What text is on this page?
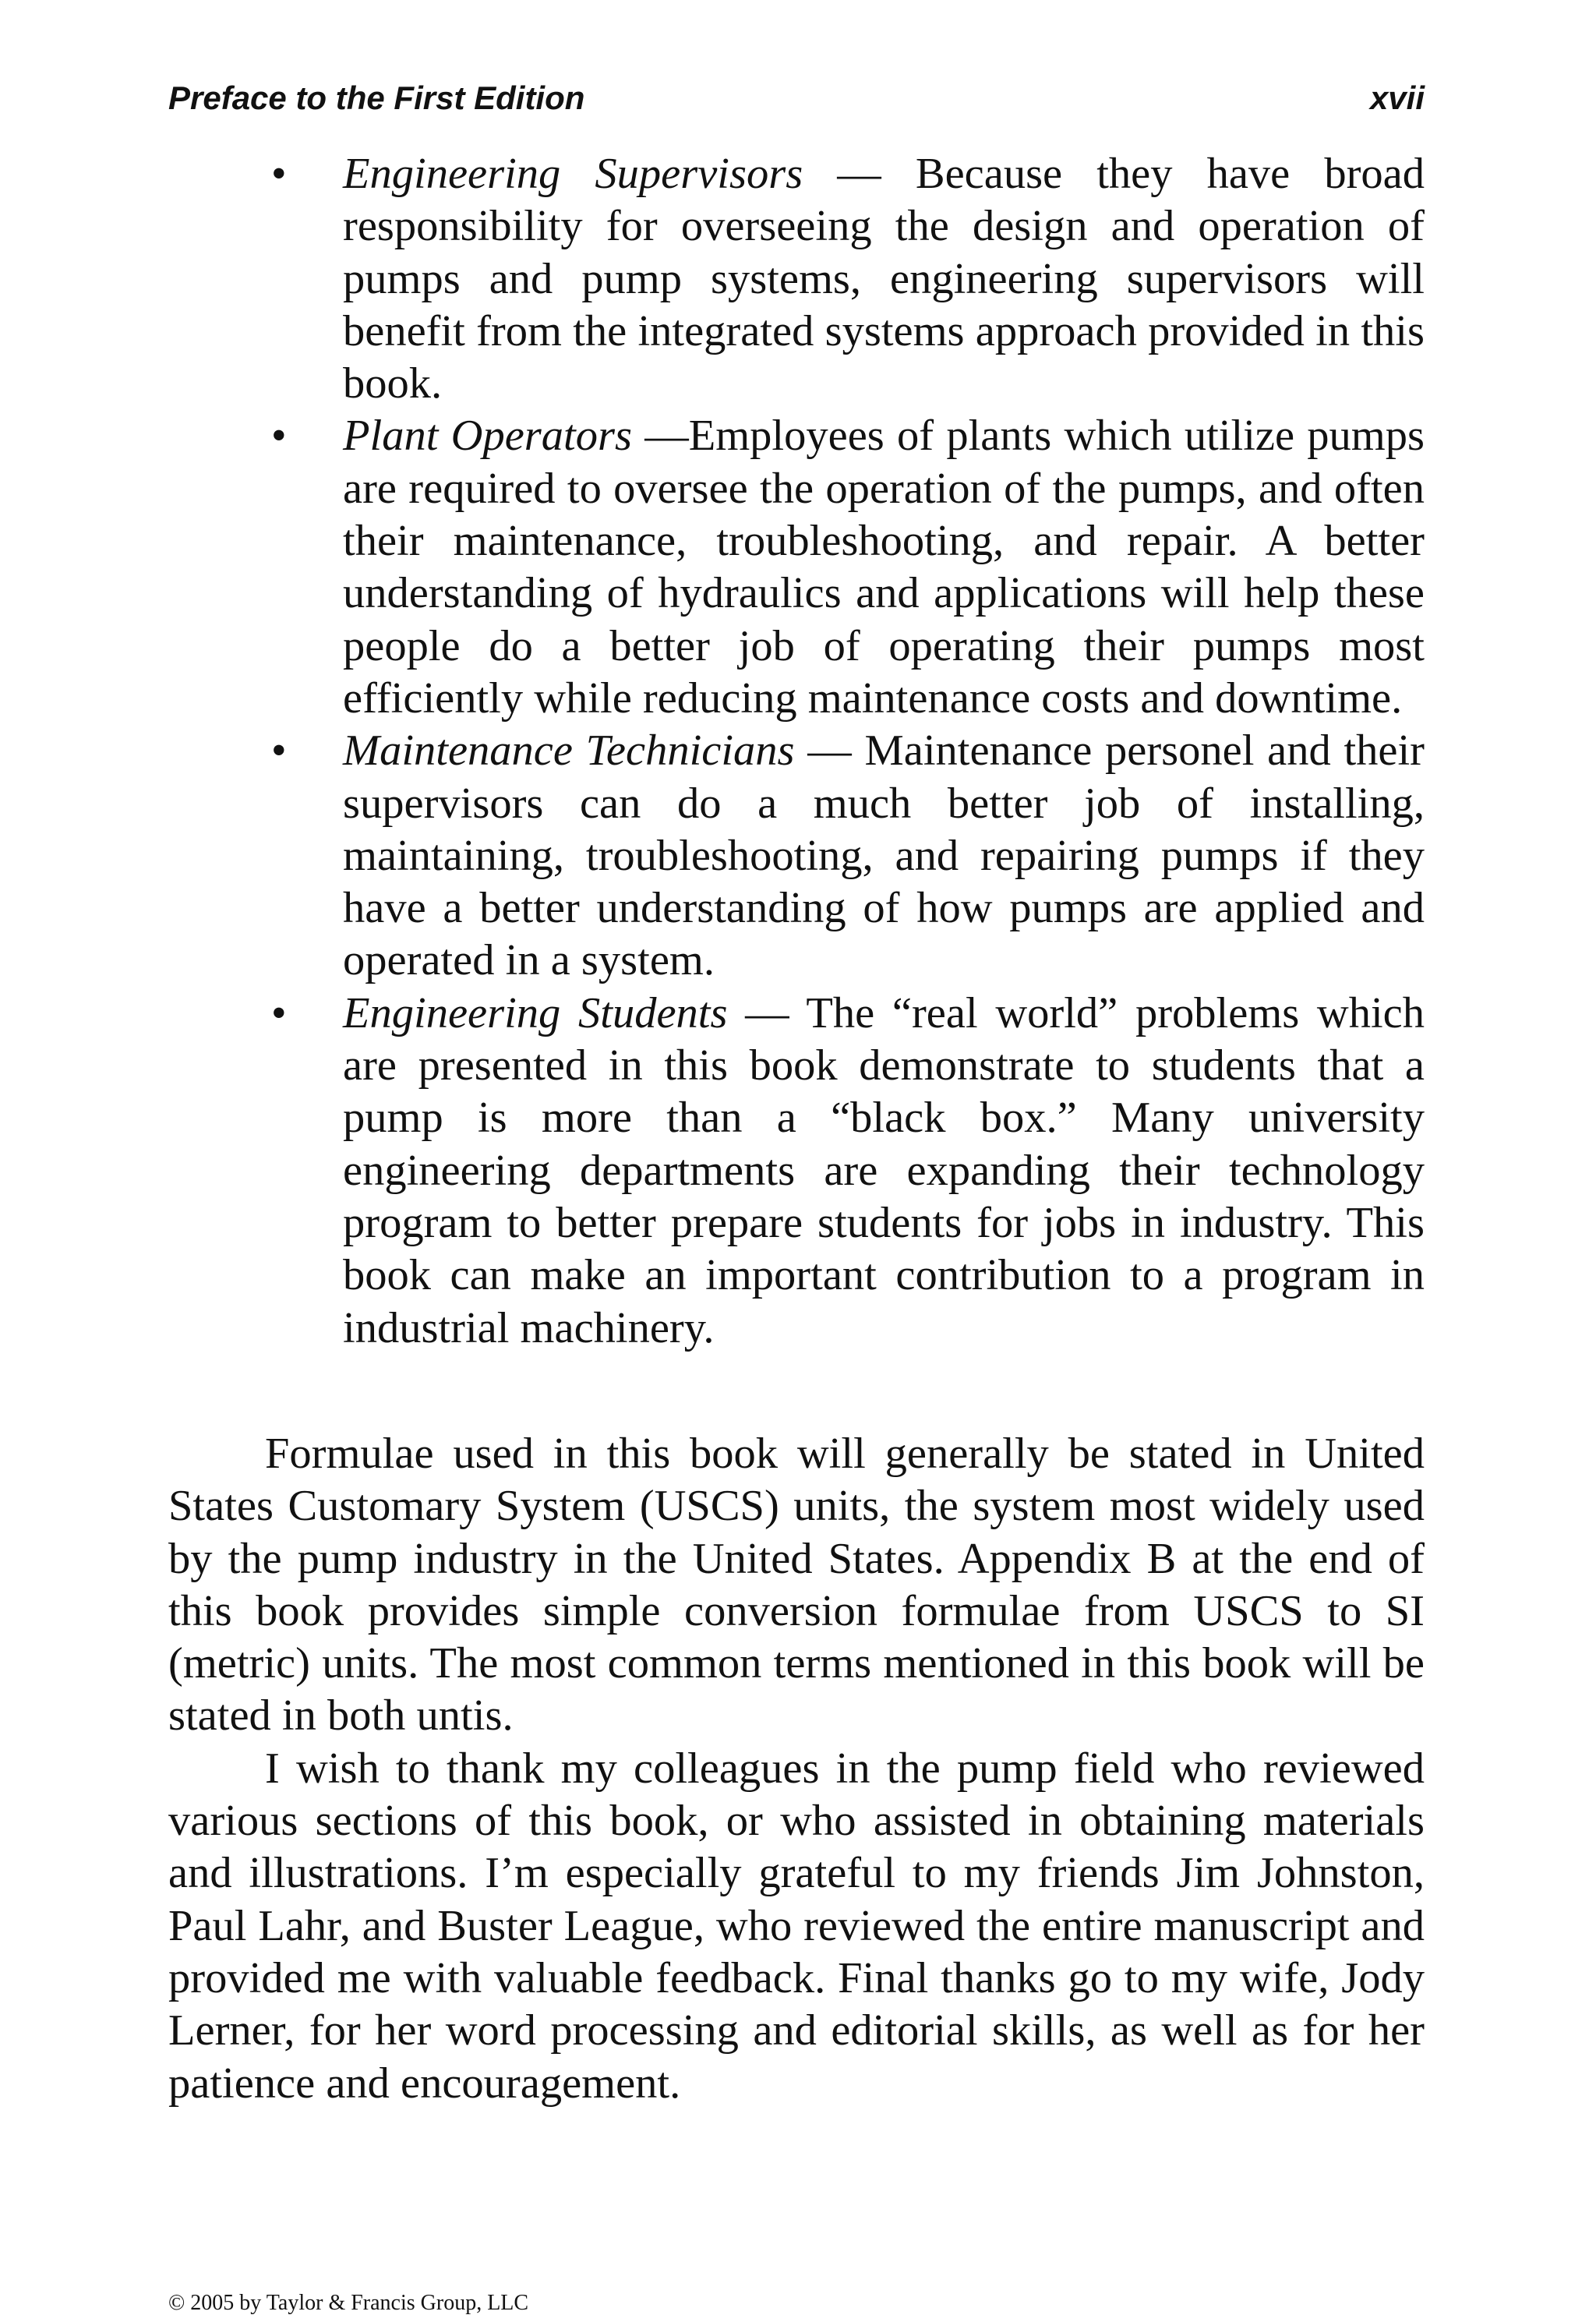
Preface to the First Edition	xvii
• Engineering Supervisors — Because they have broad responsibility for overseeing the design and operation of pumps and pump systems, engineering supervisors will benefit from the integrated systems approach provided in this book.
• Plant Operators —Employees of plants which utilize pumps are required to oversee the operation of the pumps, and often their maintenance, troubleshooting, and repair. A better understanding of hydraulics and applications will help these people do a better job of operating their pumps most efficiently while reducing maintenance costs and downtime.
• Maintenance Technicians — Maintenance personel and their supervisors can do a much better job of installing, maintaining, troubleshooting, and repairing pumps if they have a better understanding of how pumps are applied and operated in a system.
• Engineering Students — The “real world” problems which are presented in this book demonstrate to students that a pump is more than a “black box.” Many university engineering departments are expanding their technology program to better prepare students for jobs in industry. This book can make an important contribution to a program in industrial machinery.

Formulae used in this book will generally be stated in United States Customary System (USCS) units, the system most widely used by the pump industry in the United States. Appendix B at the end of this book provides simple conversion formulae from USCS to SI (metric) units. The most common terms mentioned in this book will be stated in both untis.

I wish to thank my colleagues in the pump field who reviewed various sections of this book, or who assisted in obtaining materials and illustrations. I’m especially grateful to my friends Jim Johnston, Paul Lahr, and Buster League, who reviewed the entire manuscript and provided me with valuable feedback. Final thanks go to my wife, Jody Lerner, for her word processing and editorial skills, as well as for her patience and encouragement.

© 2005 by Taylor & Francis Group, LLC
